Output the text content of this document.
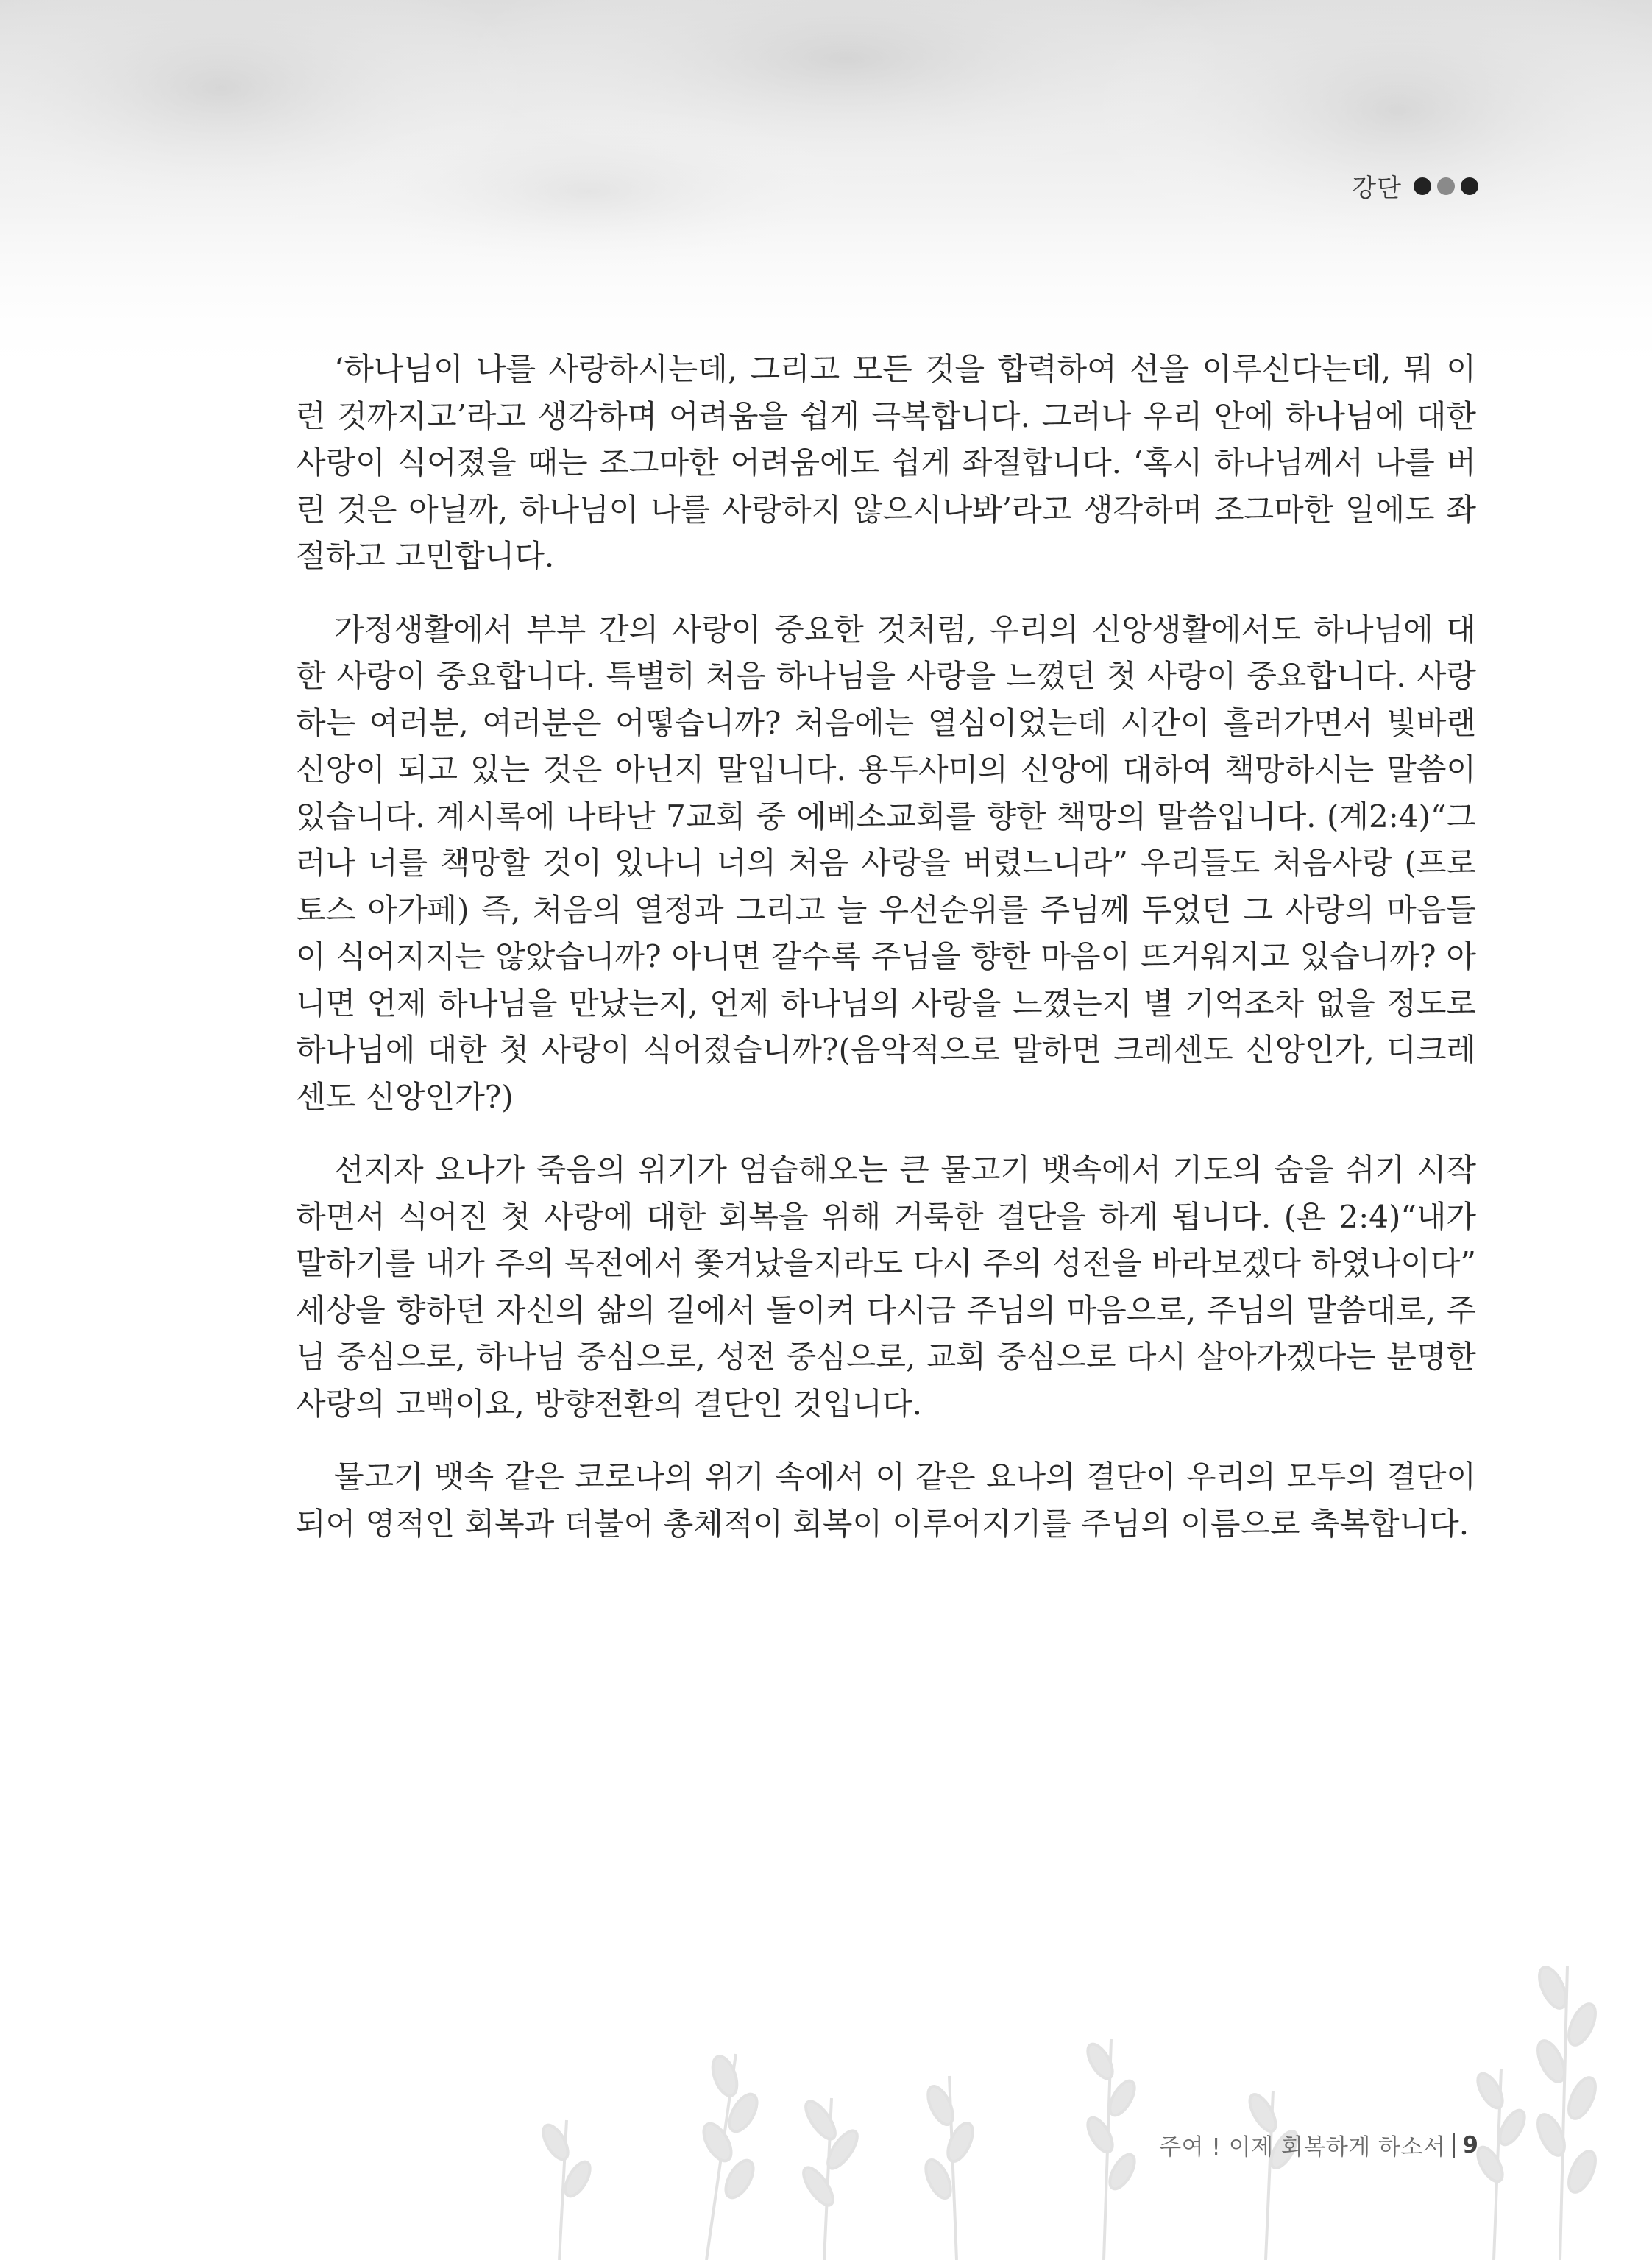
강단

‘하나님이 나를 사랑하시는데, 그리고 모든 것을 합력하여 선을 이루신다는데, 뭐 이런 것까지고’라고 생각하며 어려움을 쉽게 극복합니다. 그러나 우리 안에 하나님에 대한 사랑이 식어졌을 때는 조그마한 어려움에도 쉽게 좌절합니다. ‘혹시 하나님께서 나를 버린 것은 아닐까, 하나님이 나를 사랑하지 않으시나봐’라고 생각하며 조그마한 일에도 좌절하고 고민합니다.

가정생활에서 부부 간의 사랑이 중요한 것처럼, 우리의 신앙생활에서도 하나님에 대한 사랑이 중요합니다. 특별히 처음 하나님을 사랑을 느꼈던 첫 사랑이 중요합니다. 사랑하는 여러분, 여러분은 어떻습니까? 처음에는 열심이었는데 시간이 흘러가면서 빛바랜 신앙이 되고 있는 것은 아닌지 말입니다. 용두사미의 신앙에 대하여 책망하시는 말씀이 있습니다. 계시록에 나타난 7교회 중 에베소교회를 향한 책망의 말씀입니다. (계2:4)“그러나 너를 책망할 것이 있나니 너의 처음 사랑을 버렸느니라” 우리들도 처음사랑 (프로토스 아가페) 즉, 처음의 열정과 그리고 늘 우선순위를 주님께 두었던 그 사랑의 마음들이 식어지지는 않았습니까? 아니면 갈수록 주님을 향한 마음이 뜨거워지고 있습니까? 아니면 언제 하나님을 만났는지, 언제 하나님의 사랑을 느꼈는지 별 기억조차 없을 정도로 하나님에 대한 첫 사랑이 식어졌습니까?(음악적으로 말하면 크레센도 신앙인가, 디크레센도 신앙인가?)

선지자 요나가 죽음의 위기가 엄습해오는 큰 물고기 뱃속에서 기도의 숨을 쉬기 시작하면서 식어진 첫 사랑에 대한 회복을 위해 거룩한 결단을 하게 됩니다. (욘 2:4)“내가 말하기를 내가 주의 목전에서 쫓겨났을지라도 다시 주의 성전을 바라보겠다 하였나이다” 세상을 향하던 자신의 삶의 길에서 돌이켜 다시금 주님의 마음으로, 주님의 말씀대로, 주님 중심으로, 하나님 중심으로, 성전 중심으로, 교회 중심으로 다시 살아가겠다는 분명한 사랑의 고백이요, 방향전환의 결단인 것입니다.

물고기 뱃속 같은 코로나의 위기 속에서 이 같은 요나의 결단이 우리의 모두의 결단이 되어 영적인 회복과 더불어 총체적이 회복이 이루어지기를 주님의 이름으로 축복합니다.

주여 ! 이제 회복하게 하소서 9
